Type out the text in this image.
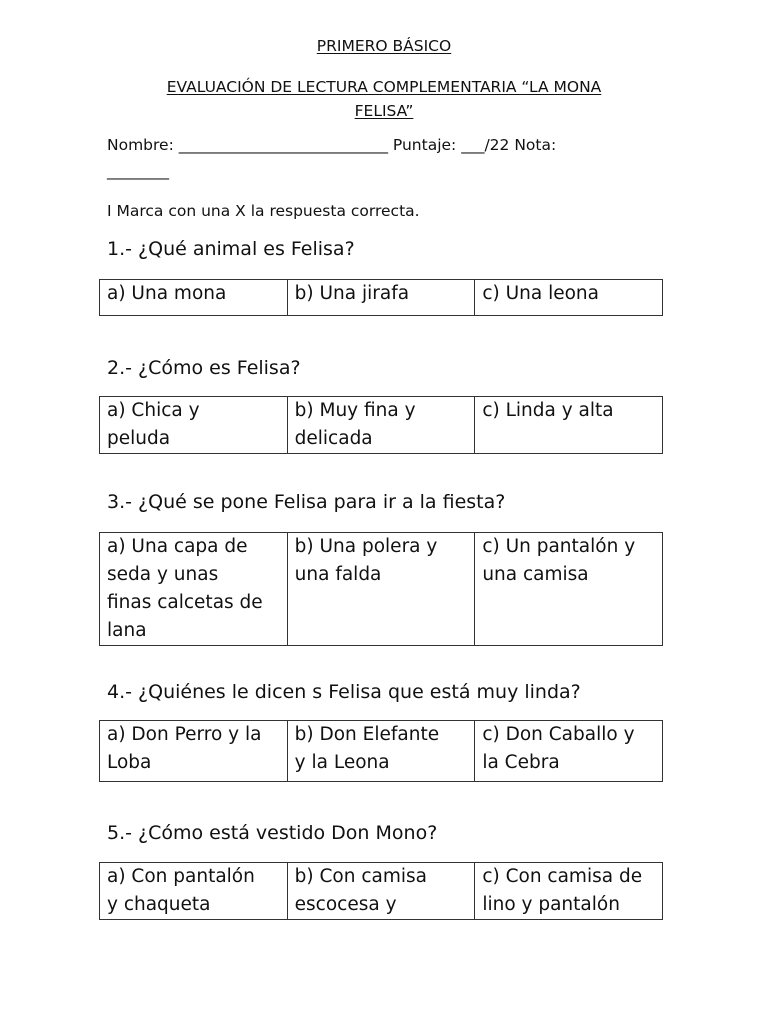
PRIMERO BÁSICO
EVALUACIÓN DE LECTURA COMPLEMENTARIA “LA MONA
FELISA”
Nombre: ___________________________ Puntaje: ___/22 Nota:
________
I Marca con una X la respuesta correcta.
1.- ¿Qué animal es Felisa?
a) Una mona	b) Una jirafa	c) Una leona
2.- ¿Cómo es Felisa?
a) Chica y
peluda	b) Muy fina y
delicada	c) Linda y alta
3.- ¿Qué se pone Felisa para ir a la fiesta?
a) Una capa de
seda y unas
finas calcetas de
lana	b) Una polera y
una falda	c) Un pantalón y
una camisa
4.- ¿Quiénes le dicen s Felisa que está muy linda?
a) Don Perro y la
Loba	b) Don Elefante
y la Leona	c) Don Caballo y
la Cebra
5.- ¿Cómo está vestido Don Mono?
a) Con pantalón
y chaqueta	b) Con camisa
escocesa y	c) Con camisa de
lino y pantalón
